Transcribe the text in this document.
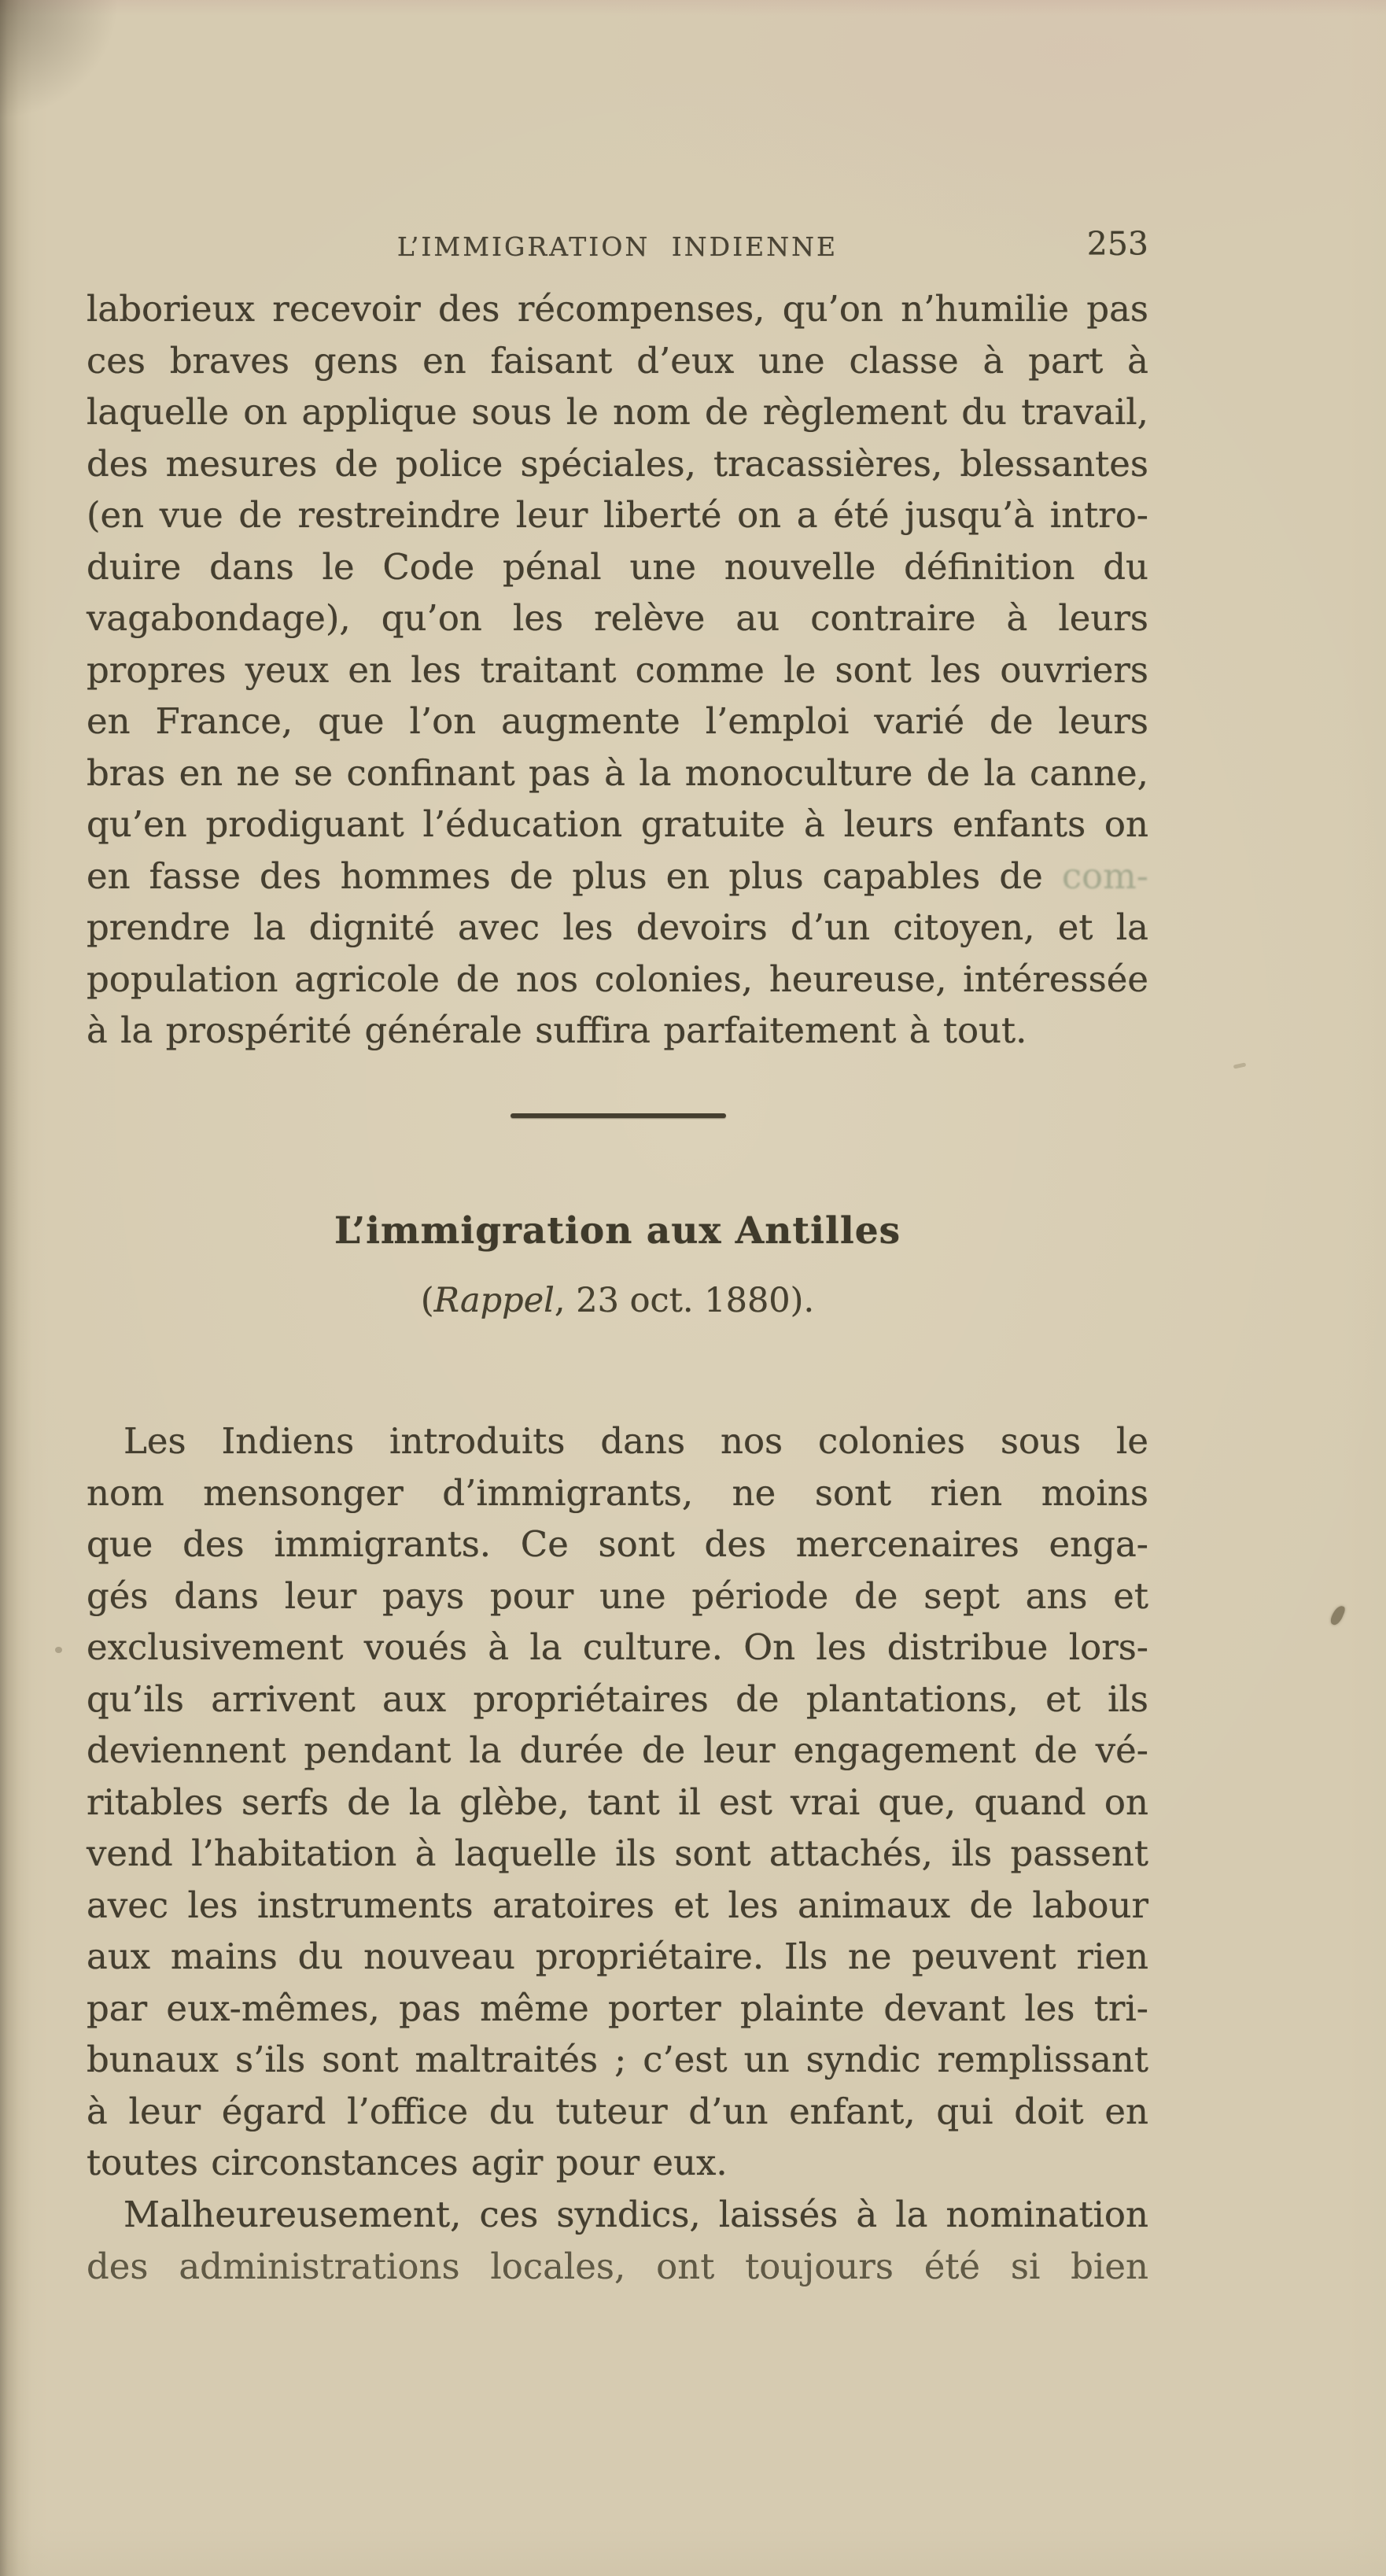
L’IMMIGRATION INDIENNE	253
laborieux recevoir des récompenses, qu’on n’humilie pas
ces braves gens en faisant d’eux une classe à part à
laquelle on applique sous le nom de règlement du travail,
des mesures de police spéciales, tracassières, blessantes
(en vue de restreindre leur liberté on a été jusqu’à intro-
duire dans le Code pénal une nouvelle définition du
vagabondage), qu’on les relève au contraire à leurs
propres yeux en les traitant comme le sont les ouvriers
en France, que l’on augmente l’emploi varié de leurs
bras en ne se confinant pas à la monoculture de la canne,
qu’en prodiguant l’éducation gratuite à leurs enfants on
en fasse des hommes de plus en plus capables de com-
prendre la dignité avec les devoirs d’un citoyen, et la
population agricole de nos colonies, heureuse, intéressée
à la prospérité générale suffira parfaitement à tout.
L’immigration aux Antilles

(Rappel, 23 oct. 1880).

Les Indiens introduits dans nos colonies sous le
nom mensonger d’immigrants, ne sont rien moins
que des immigrants. Ce sont des mercenaires enga-
gés dans leur pays pour une période de sept ans et
exclusivement voués à la culture. On les distribue lors-
qu’ils arrivent aux propriétaires de plantations, et ils
deviennent pendant la durée de leur engagement de vé-
ritables serfs de la glèbe, tant il est vrai que, quand on
vend l’habitation à laquelle ils sont attachés, ils passent
avec les instruments aratoires et les animaux de labour
aux mains du nouveau propriétaire. Ils ne peuvent rien
par eux-mêmes, pas même porter plainte devant les tri-
bunaux s’ils sont maltraités ; c’est un syndic remplissant
à leur égard l’office du tuteur d’un enfant, qui doit en
toutes circonstances agir pour eux.
Malheureusement, ces syndics, laissés à la nomination
des administrations locales, ont toujours été si bien
